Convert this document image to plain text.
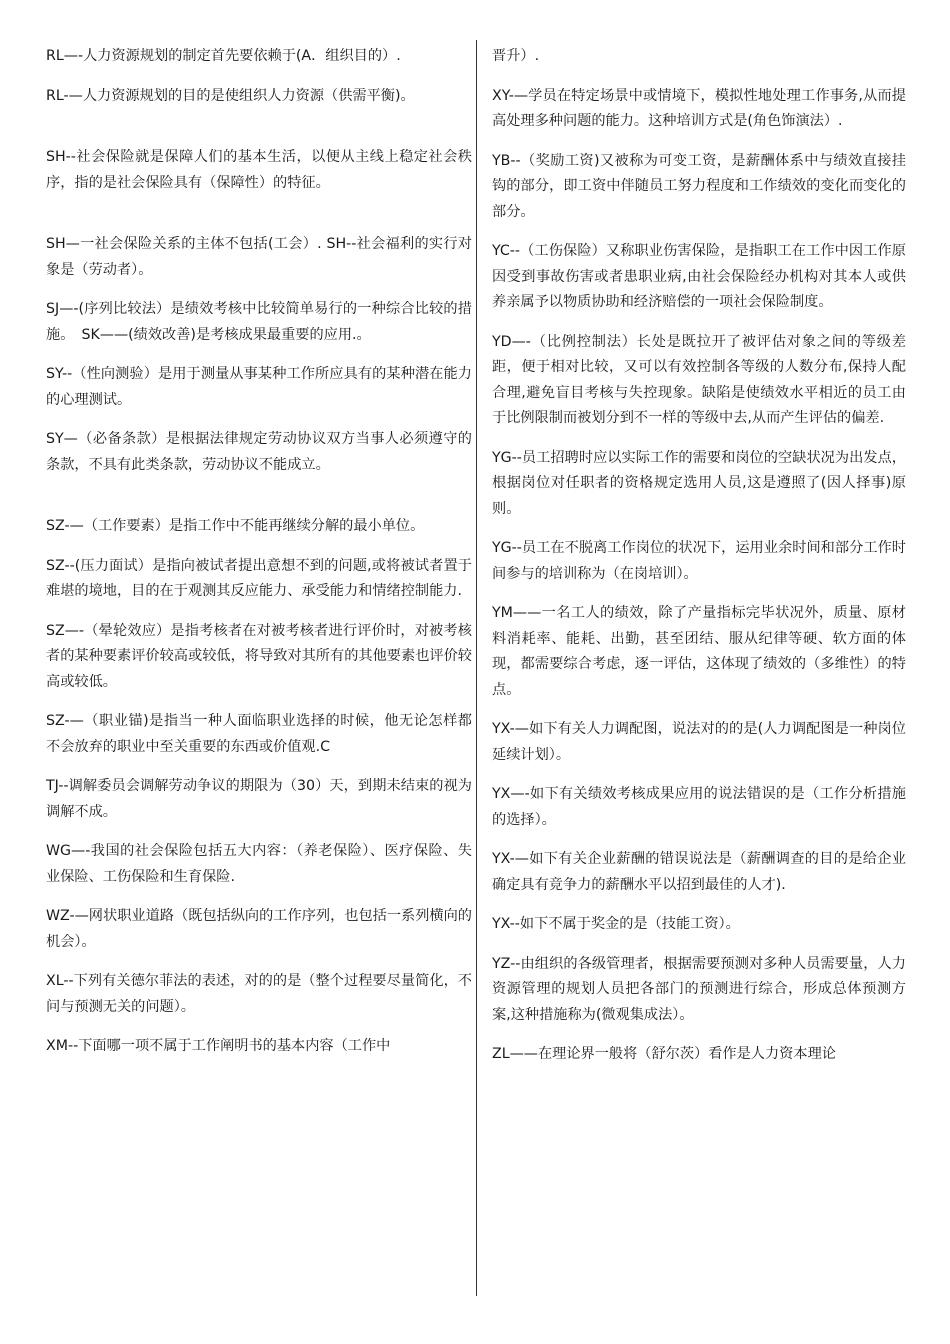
RL—-人力资源规划的制定首先要依赖于(A．组织目的）.

RL-—人力资源规划的目的是使组织人力资源（供需平衡)。

SH--社会保险就是保障人们的基本生活，以便从主线上稳定社会秩序，指的是社会保险具有（保障性）的特征。

SH—一社会保险关系的主体不包括(工会）. SH--社会福利的实行对象是（劳动者）。

SJ—-(序列比较法）是绩效考核中比较简单易行的一种综合比较的措施。　SK——(绩效改善)是考核成果最重要的应用.。

SY--（性向测验）是用于测量从事某种工作所应具有的某种潜在能力的心理测试。

SY—（必备条款）是根据法律规定劳动协议双方当事人必须遵守的条款，不具有此类条款，劳动协议不能成立。

SZ-—（工作要素）是指工作中不能再继续分解的最小单位。

SZ--(压力面试）是指向被试者提出意想不到的问题,或将被试者置于难堪的境地，目的在于观测其反应能力、承受能力和情绪控制能力.

SZ—-（晕轮效应）是指考核者在对被考核者进行评价时，对被考核者的某种要素评价较高或较低，将导致对其所有的其他要素也评价较高或较低。

SZ-—（职业锚)是指当一种人面临职业选择的时候，他无论怎样都不会放弃的职业中至关重要的东西或价值观.C

TJ--调解委员会调解劳动争议的期限为（30）天，到期未结束的视为调解不成。

WG—-我国的社会保险包括五大内容：（养老保险）、医疗保险、失业保险、工伤保险和生育保险.

WZ-—网状职业道路（既包括纵向的工作序列，也包括一系列横向的机会）。

XL--下列有关德尔菲法的表述，对的的是（整个过程要尽量简化，不问与预测无关的问题）。

XM--下面哪一项不属于工作阐明书的基本内容（工作中

晋升）.

XY-—学员在特定场景中或情境下，模拟性地处理工作事务,从而提高处理多种问题的能力。这种培训方式是(角色饰演法）.

YB--（奖励工资)又被称为可变工资，是薪酬体系中与绩效直接挂钩的部分，即工资中伴随员工努力程度和工作绩效的变化而变化的部分。

YC--（工伤保险）又称职业伤害保险，是指职工在工作中因工作原因受到事故伤害或者患职业病,由社会保险经办机构对其本人或供养亲属予以物质协助和经济赔偿的一项社会保险制度。

YD—-（比例控制法）长处是既拉开了被评估对象之间的等级差距，便于相对比较，又可以有效控制各等级的人数分布,保持人配合理,避免盲目考核与失控现象。缺陷是使绩效水平相近的员工由于比例限制而被划分到不一样的等级中去,从而产生评估的偏差.

YG--员工招聘时应以实际工作的需要和岗位的空缺状况为出发点，根据岗位对任职者的资格规定选用人员,这是遵照了(因人择事)原则。

YG--员工在不脱离工作岗位的状况下，运用业余时间和部分工作时间参与的培训称为（在岗培训）。

YM——一名工人的绩效，除了产量指标完毕状况外，质量、原材料消耗率、能耗、出勤，甚至团结、服从纪律等硬、软方面的体现，都需要综合考虑，逐一评估，这体现了绩效的（多维性）的特点。

YX-—如下有关人力调配图，说法对的的是(人力调配图是一种岗位延续计划）。

YX—-如下有关绩效考核成果应用的说法错误的是（工作分析措施的选择）。

YX-—如下有关企业薪酬的错误说法是（薪酬调查的目的是给企业确定具有竞争力的薪酬水平以招到最佳的人才).

YX--如下不属于奖金的是（技能工资）。

YZ--由组织的各级管理者，根据需要预测对多种人员需要量，人力资源管理的规划人员把各部门的预测进行综合，形成总体预测方案,这种措施称为(微观集成法）。

ZL——在理论界一般将（舒尔茨）看作是人力资本理论
